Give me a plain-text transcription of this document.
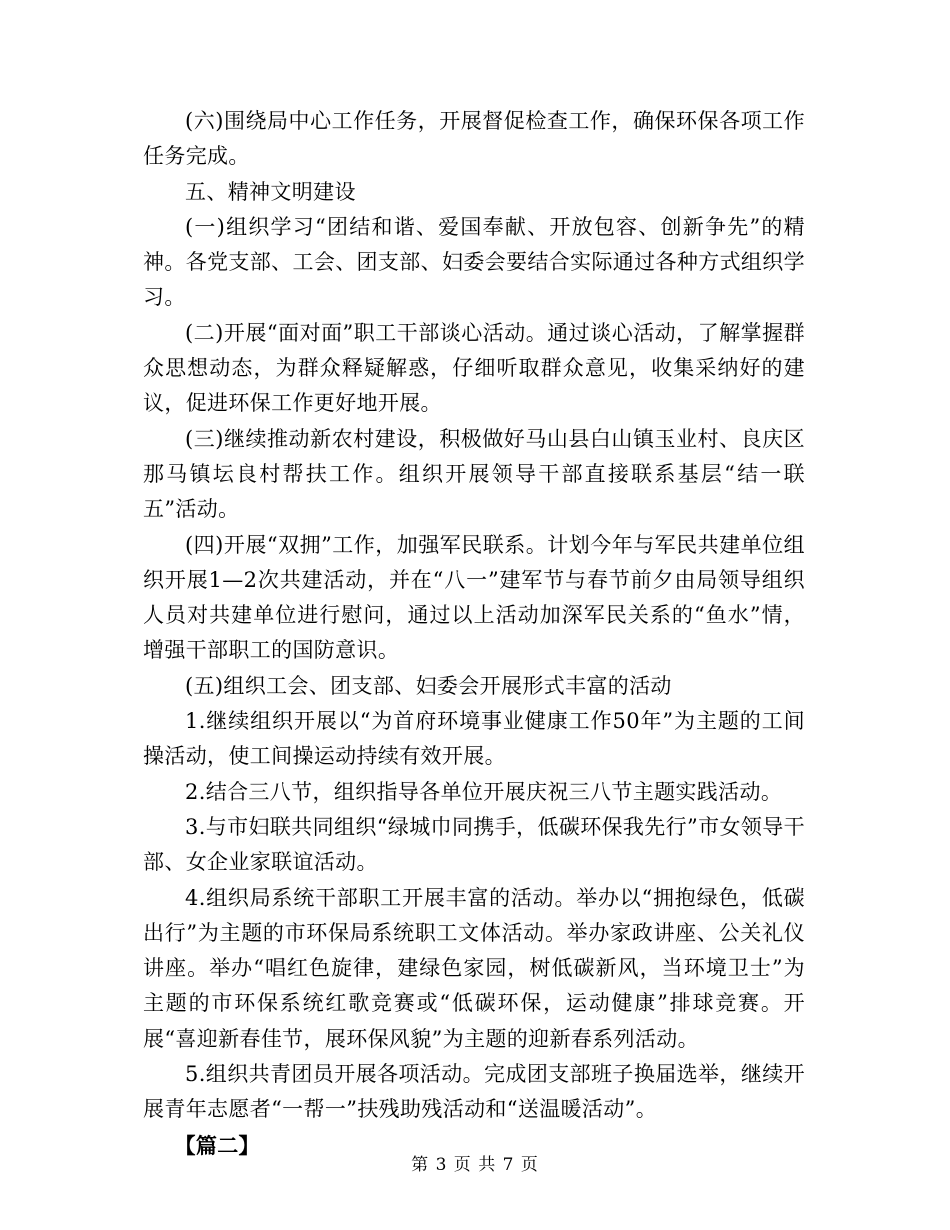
(六)围绕局中心工作任务，开展督促检查工作，确保环保各项工作任务完成。

五、精神文明建设

(一)组织学习“团结和谐、爱国奉献、开放包容、创新争先”的精神。各党支部、工会、团支部、妇委会要结合实际通过各种方式组织学习。

(二)开展“面对面”职工干部谈心活动。通过谈心活动，了解掌握群众思想动态，为群众释疑解惑，仔细听取群众意见，收集采纳好的建议，促进环保工作更好地开展。

(三)继续推动新农村建设，积极做好马山县白山镇玉业村、良庆区那马镇坛良村帮扶工作。组织开展领导干部直接联系基层“结一联五”活动。

(四)开展“双拥”工作，加强军民联系。计划今年与军民共建单位组织开展1—2次共建活动，并在“八一”建军节与春节前夕由局领导组织人员对共建单位进行慰问，通过以上活动加深军民关系的“鱼水”情，增强干部职工的国防意识。

(五)组织工会、团支部、妇委会开展形式丰富的活动

1.继续组织开展以“为首府环境事业健康工作50年”为主题的工间操活动，使工间操运动持续有效开展。

2.结合三八节，组织指导各单位开展庆祝三八节主题实践活动。

3.与市妇联共同组织“绿城巾同携手，低碳环保我先行”市女领导干部、女企业家联谊活动。

4.组织局系统干部职工开展丰富的活动。举办以“拥抱绿色，低碳出行”为主题的市环保局系统职工文体活动。举办家政讲座、公关礼仪讲座。举办“唱红色旋律，建绿色家园，树低碳新风，当环境卫士”为主题的市环保系统红歌竞赛或“低碳环保，运动健康”排球竞赛。开展“喜迎新春佳节，展环保风貌”为主题的迎新春系列活动。

5.组织共青团员开展各项活动。完成团支部班子换届选举，继续开展青年志愿者“一帮一”扶残助残活动和“送温暖活动”。

【篇二】

第 3 页 共 7 页
